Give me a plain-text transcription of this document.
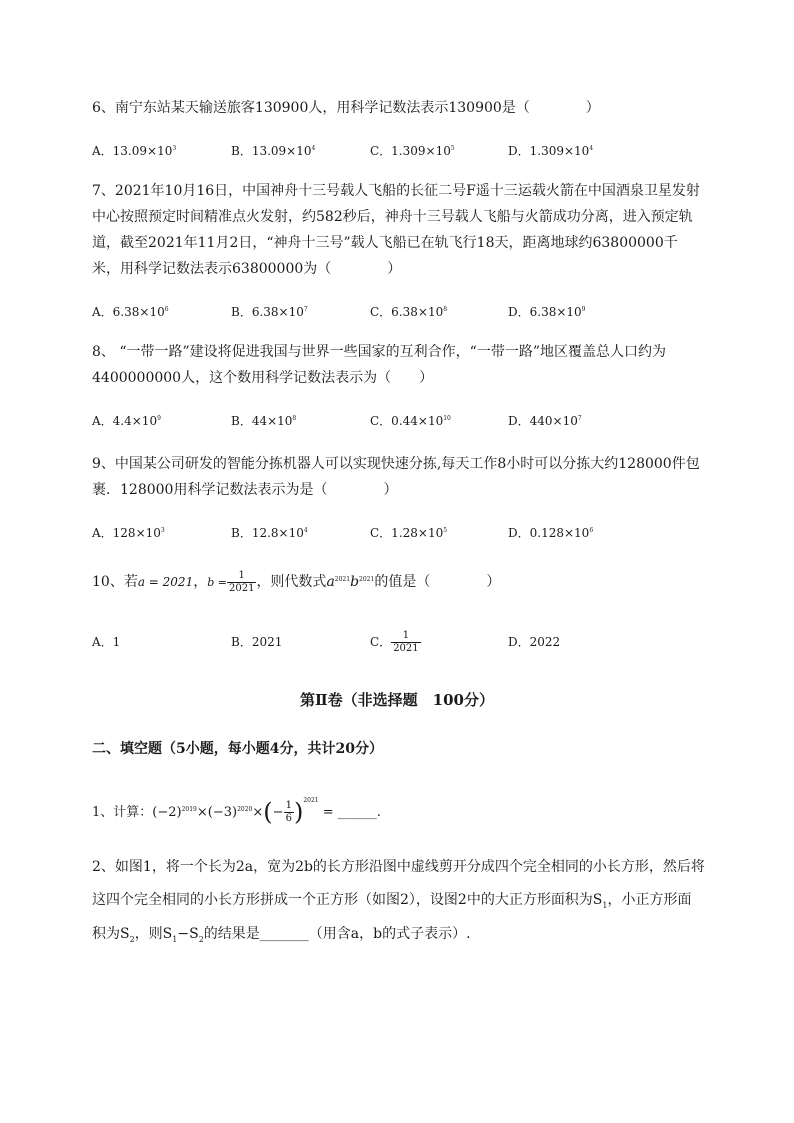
6、南宁东站某天输送旅客130900人，用科学记数法表示130900是（　　　　）
A．$13.09\times 10^3$	B．$13.09\times 10^4$	C．$1.309\times 10^5$	D．$1.309\times 10^4$
7、2021年10月16日，中国神舟十三号载人飞船的长征二号F遥十三运载火箭在中国酒泉卫星发射
中心按照预定时间精准点火发射，约582秒后，神舟十三号载人飞船与火箭成功分离，进入预定轨
道，截至2021年11月2日，“神舟十三号”载人飞船已在轨飞行18天，距离地球约63800000千
米，用科学记数法表示63800000为（　　　　）
A．$6.38\times 10^6$	B．$6.38\times 10^7$	C．$6.38\times 10^8$	D．$6.38\times 10^9$
8、 “一带一路”建设将促进我国与世界一些国家的互利合作，“一带一路”地区覆盖总人口约为
4400000000人，这个数用科学记数法表示为（　　）
A．$4.4\times 10^9$	B．$44\times 10^8$	C．$0.44\times 10^{10}$	D．$440\times 10^7$
9、中国某公司研发的智能分拣机器人可以实现快速分拣,每天工作8小时可以分拣大约128000件包
裹．128000用科学记数法表示为是（　　　　）
A．$128\times 10^3$	B．$12.8\times 10^4$	C．$1.28\times 10^5$	D．$0.128\times 10^6$
10、若a = 2021，$b = \frac{1}{2021}$ ，则代数式$a^{2021}b^{2021}$的值是（　　　　）
A．1	B．2021	C． $\frac{1}{2021}$	D．2022
第Ⅱ卷（非选择题　100分）
二、填空题（5小题，每小题4分，共计20分）
1、计算：$(-2)^{2019}\times(-3)^{2020}\times(- \frac{1}{6} )^{2021}$ = ______.
2、如图1，将一个长为2a，宽为2b的长方形沿图中虚线剪开分成四个完全相同的小长方形，然后将
这四个完全相同的小长方形拼成一个正方形（如图2），设图2中的大正方形面积为$S_1$，小正方形面
积为$S_2$，则$S_1-S_2$的结果是_______（用含a，b的式子表示）.
